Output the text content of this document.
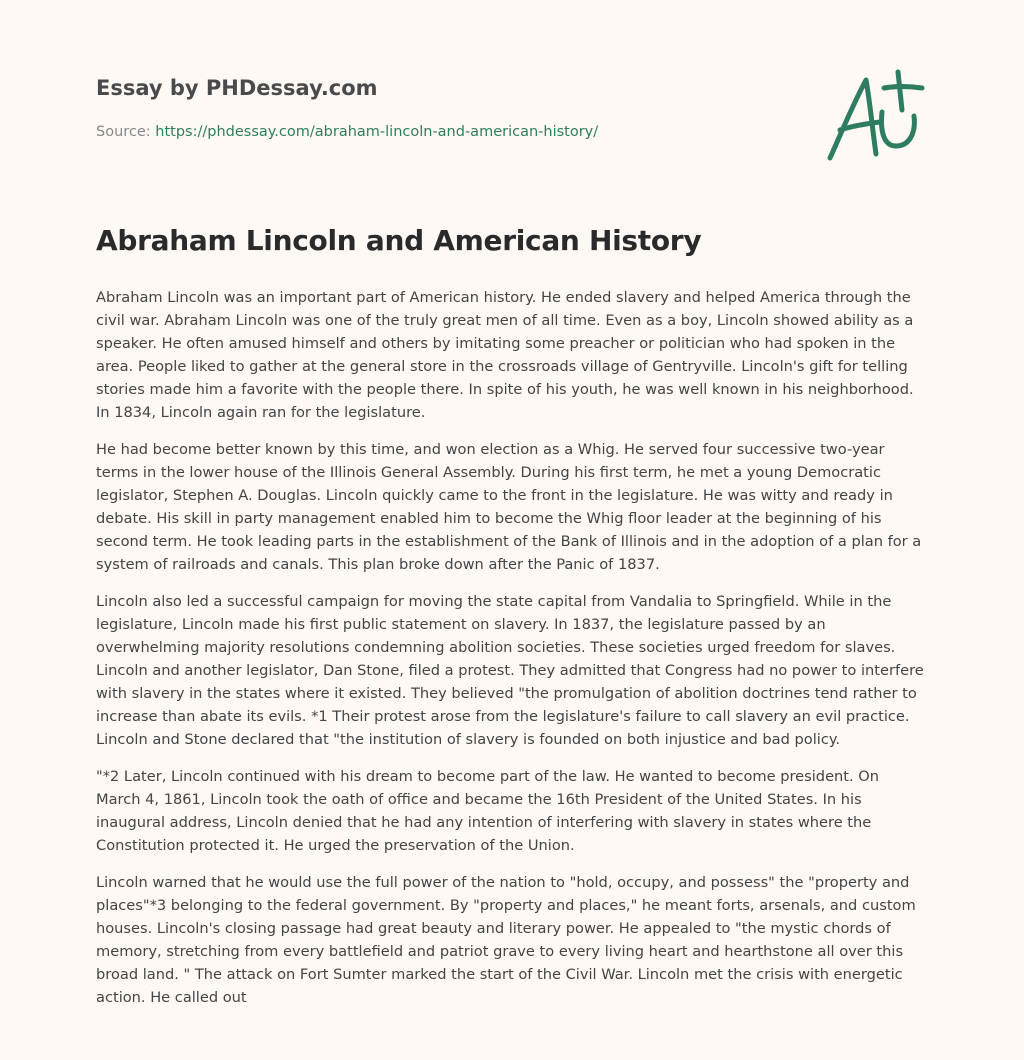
Essay by PHDessay.com
Source: https://phdessay.com/abraham-lincoln-and-american-history/
Abraham Lincoln and American History

Abraham Lincoln was an important part of American history. He ended slavery and helped America through the civil war. Abraham Lincoln was one of the truly great men of all time. Even as a boy, Lincoln showed ability as a speaker. He often amused himself and others by imitating some preacher or politician who had spoken in the area. People liked to gather at the general store in the crossroads village of Gentryville. Lincoln's gift for telling stories made him a favorite with the people there. In spite of his youth, he was well known in his neighborhood. In 1834, Lincoln again ran for the legislature.

He had become better known by this time, and won election as a Whig. He served four successive two-year terms in the lower house of the Illinois General Assembly. During his first term, he met a young Democratic legislator, Stephen A. Douglas. Lincoln quickly came to the front in the legislature. He was witty and ready in debate. His skill in party management enabled him to become the Whig floor leader at the beginning of his second term. He took leading parts in the establishment of the Bank of Illinois and in the adoption of a plan for a system of railroads and canals. This plan broke down after the Panic of 1837.

Lincoln also led a successful campaign for moving the state capital from Vandalia to Springfield. While in the legislature, Lincoln made his first public statement on slavery. In 1837, the legislature passed by an overwhelming majority resolutions condemning abolition societies. These societies urged freedom for slaves. Lincoln and another legislator, Dan Stone, filed a protest. They admitted that Congress had no power to interfere with slavery in the states where it existed. They believed "the promulgation of abolition doctrines tend rather to increase than abate its evils. *1 Their protest arose from the legislature's failure to call slavery an evil practice. Lincoln and Stone declared that "the institution of slavery is founded on both injustice and bad policy.

"*2 Later, Lincoln continued with his dream to become part of the law. He wanted to become president. On March 4, 1861, Lincoln took the oath of office and became the 16th President of the United States. In his inaugural address, Lincoln denied that he had any intention of interfering with slavery in states where the Constitution protected it. He urged the preservation of the Union.

Lincoln warned that he would use the full power of the nation to "hold, occupy, and possess" the "property and places"*3 belonging to the federal government. By "property and places," he meant forts, arsenals, and custom houses. Lincoln's closing passage had great beauty and literary power. He appealed to "the mystic chords of memory, stretching from every battlefield and patriot grave to every living heart and hearthstone all over this broad land. " The attack on Fort Sumter marked the start of the Civil War. Lincoln met the crisis with energetic action. He called out
